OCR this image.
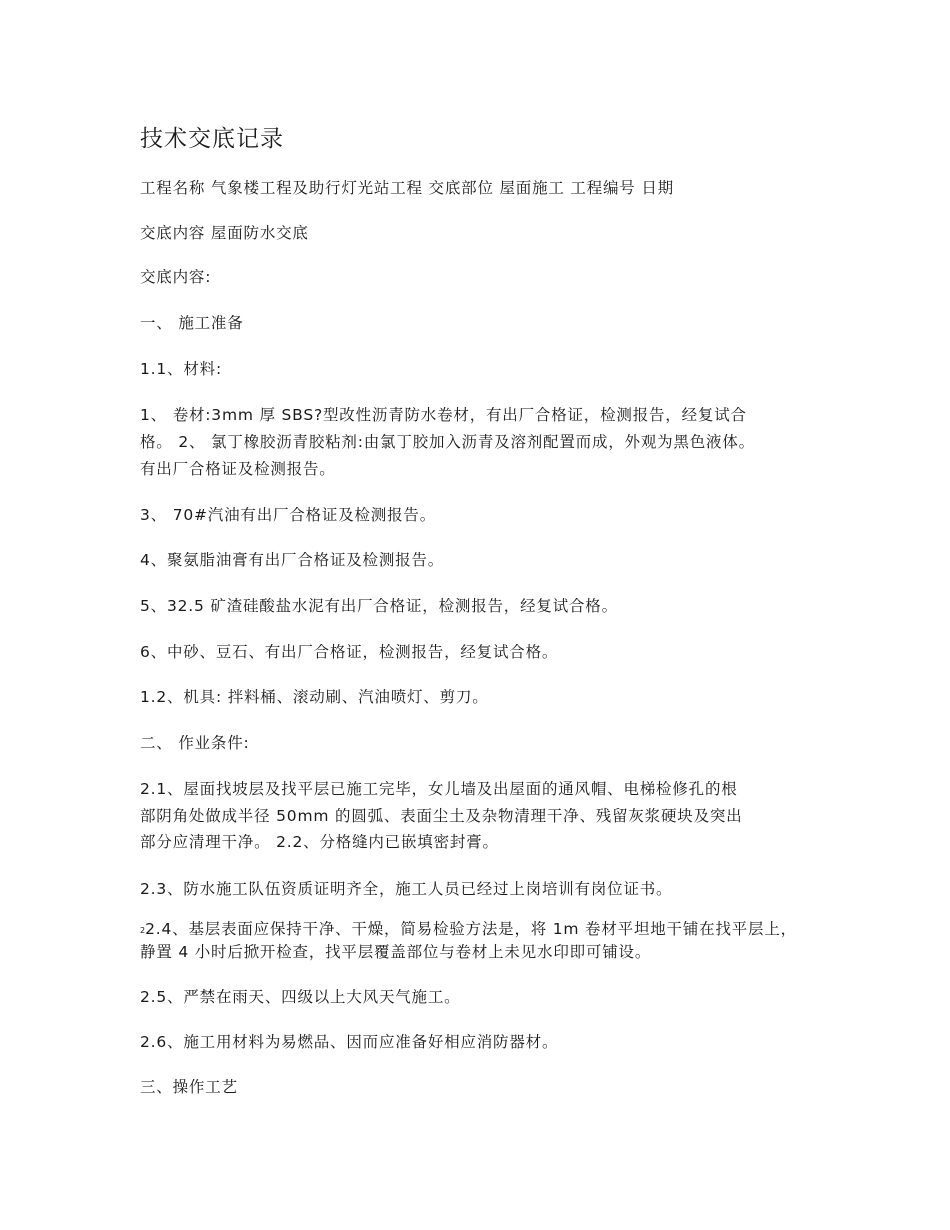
技术交底记录

工程名称 气象楼工程及助行灯光站工程 交底部位 屋面施工 工程编号 日期

交底内容 屋面防水交底

交底内容:

一、 施工准备

1.1、材料:

1、 卷材:3mm 厚 SBS?型改性沥青防水卷材，有出厂合格证，检测报告，经复试合

格。 2、 氯丁橡胶沥青胶粘剂:由氯丁胶加入沥青及溶剂配置而成，外观为黑色液体。

有出厂合格证及检测报告。

3、 70#汽油有出厂合格证及检测报告。

4、聚氨脂油膏有出厂合格证及检测报告。

5、32.5 矿渣硅酸盐水泥有出厂合格证，检测报告，经复试合格。

6、中砂、豆石、有出厂合格证，检测报告，经复试合格。

1.2、机具: 拌料桶、滚动刷、汽油喷灯、剪刀。

二、 作业条件:

2.1、屋面找坡层及找平层已施工完毕，女儿墙及出屋面的通风帽、电梯检修孔的根

部阴角处做成半径 50mm 的圆弧、表面尘土及杂物清理干净、残留灰浆硬块及突出

部分应清理干净。 2.2、分格缝内已嵌填密封膏。

2.3、防水施工队伍资质证明齐全，施工人员已经过上岗培训有岗位证书。

22.4、基层表面应保持干净、干燥，简易检验方法是，将 1m 卷材平坦地干铺在找平层上，

静置 4 小时后掀开检查，找平层覆盖部位与卷材上未见水印即可铺设。

2.5、严禁在雨天、四级以上大风天气施工。

2.6、施工用材料为易燃品、因而应准备好相应消防器材。

三、操作工艺
